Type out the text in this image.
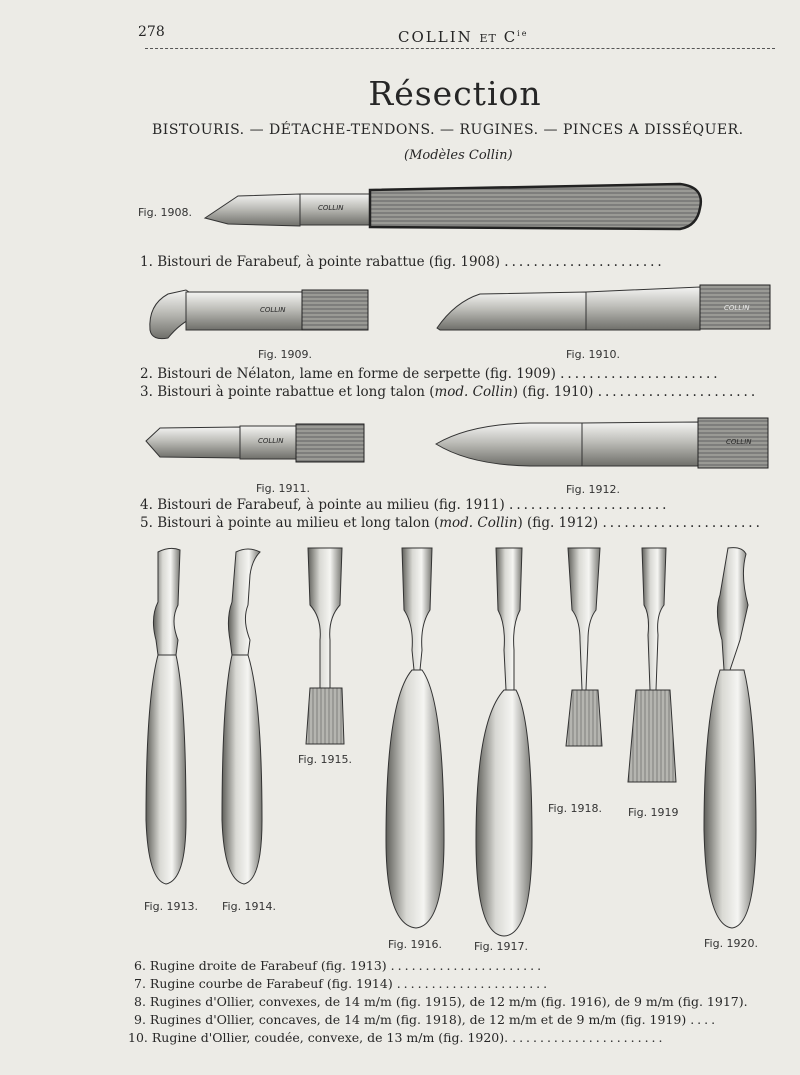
COLLIN
COLLIN	COLLIN
COLLIN	COLLIN
278	COLLIN ET $C^{ie}$
Résection
BISTOURIS. — DÉTACHE-TENDONS. — RUGINES. — PINCES A DISSÉQUER.
(Modèles Collin)
Fig. 1908.
Fig. 1909.	Fig. 1910.
Fig. 1911.	Fig. 1912.
Fig. 1915.
Fig. 1918. Fig. 1919
Fig. 1913. Fig. 1914.
Fig. 1916.	Fig. 1917.	Fig. 1920.
1. Bistouri de Farabeuf, à pointe rabattue (fig. 1908) ......................
2. Bistouri de Nélaton, lame en forme de serpette (fig. 1909) ......................
3. Bistouri à pointe rabattue et long talon (mod. Collin) (fig. 1910) ......................
4. Bistouri de Farabeuf, à pointe au milieu (fig. 1911) ......................
5. Bistouri à pointe au milieu et long talon (mod. Collin) (fig. 1912) ......................
6. Rugine droite de Farabeuf (fig. 1913) ......................
7. Rugine courbe de Farabeuf (fig. 1914) ......................
8. Rugines d'Ollier, convexes, de 14 m/m (fig. 1915), de 12 m/m (fig. 1916), de 9 m/m (fig. 1917).
9. Rugines d'Ollier, concaves, de 14 m/m (fig. 1918), de 12 m/m et de 9 m/m (fig. 1919) ....
10. Rugine d'Ollier, coudée, convexe, de 13 m/m (fig. 1920). ......................
